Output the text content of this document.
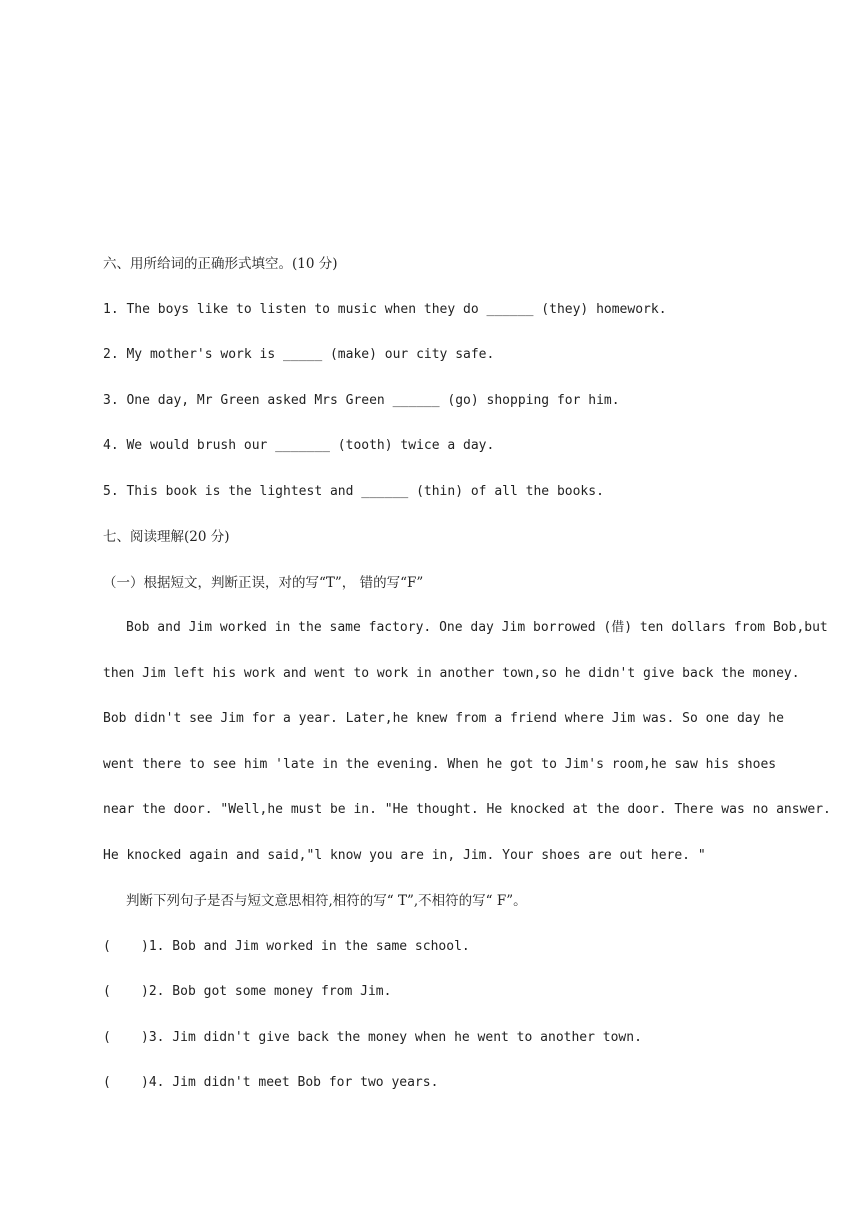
六、用所给词的正确形式填空。(10 分)
1. The boys like to listen to music when they do ______ (they) homework.
2. My mother's work is _____ (make) our city safe.
3. One day, Mr Green asked Mrs Green ______ (go) shopping for him.
4. We would brush our _______ (tooth) twice a day.
5. This book is the lightest and ______ (thin) of all the books.
七、阅读理解(20 分)
（一）根据短文，判断正误，对的写“T”， 错的写“F”
Bob and Jim worked in the same factory. One day Jim borrowed (借) ten dollars from Bob,but
then Jim left his work and went to work in another town,so he didn't give back the money.
Bob didn't see Jim for a year. Later,he knew from a friend where Jim was. So one day he
went there to see him 'late in the evening. When he got to Jim's room,he saw his shoes
near the door. "Well,he must be in. "He thought. He knocked at the door. There was no answer.
He knocked again and said,"l know you are in, Jim. Your shoes are out here. "
判断下列句子是否与短文意思相符,相符的写“ T”,不相符的写“ F”。
(	)1. Bob and Jim worked in the same school.
(	)2. Bob got some money from Jim.
(	)3. Jim didn't give back the money when he went to another town.
(	)4. Jim didn't meet Bob for two years.
